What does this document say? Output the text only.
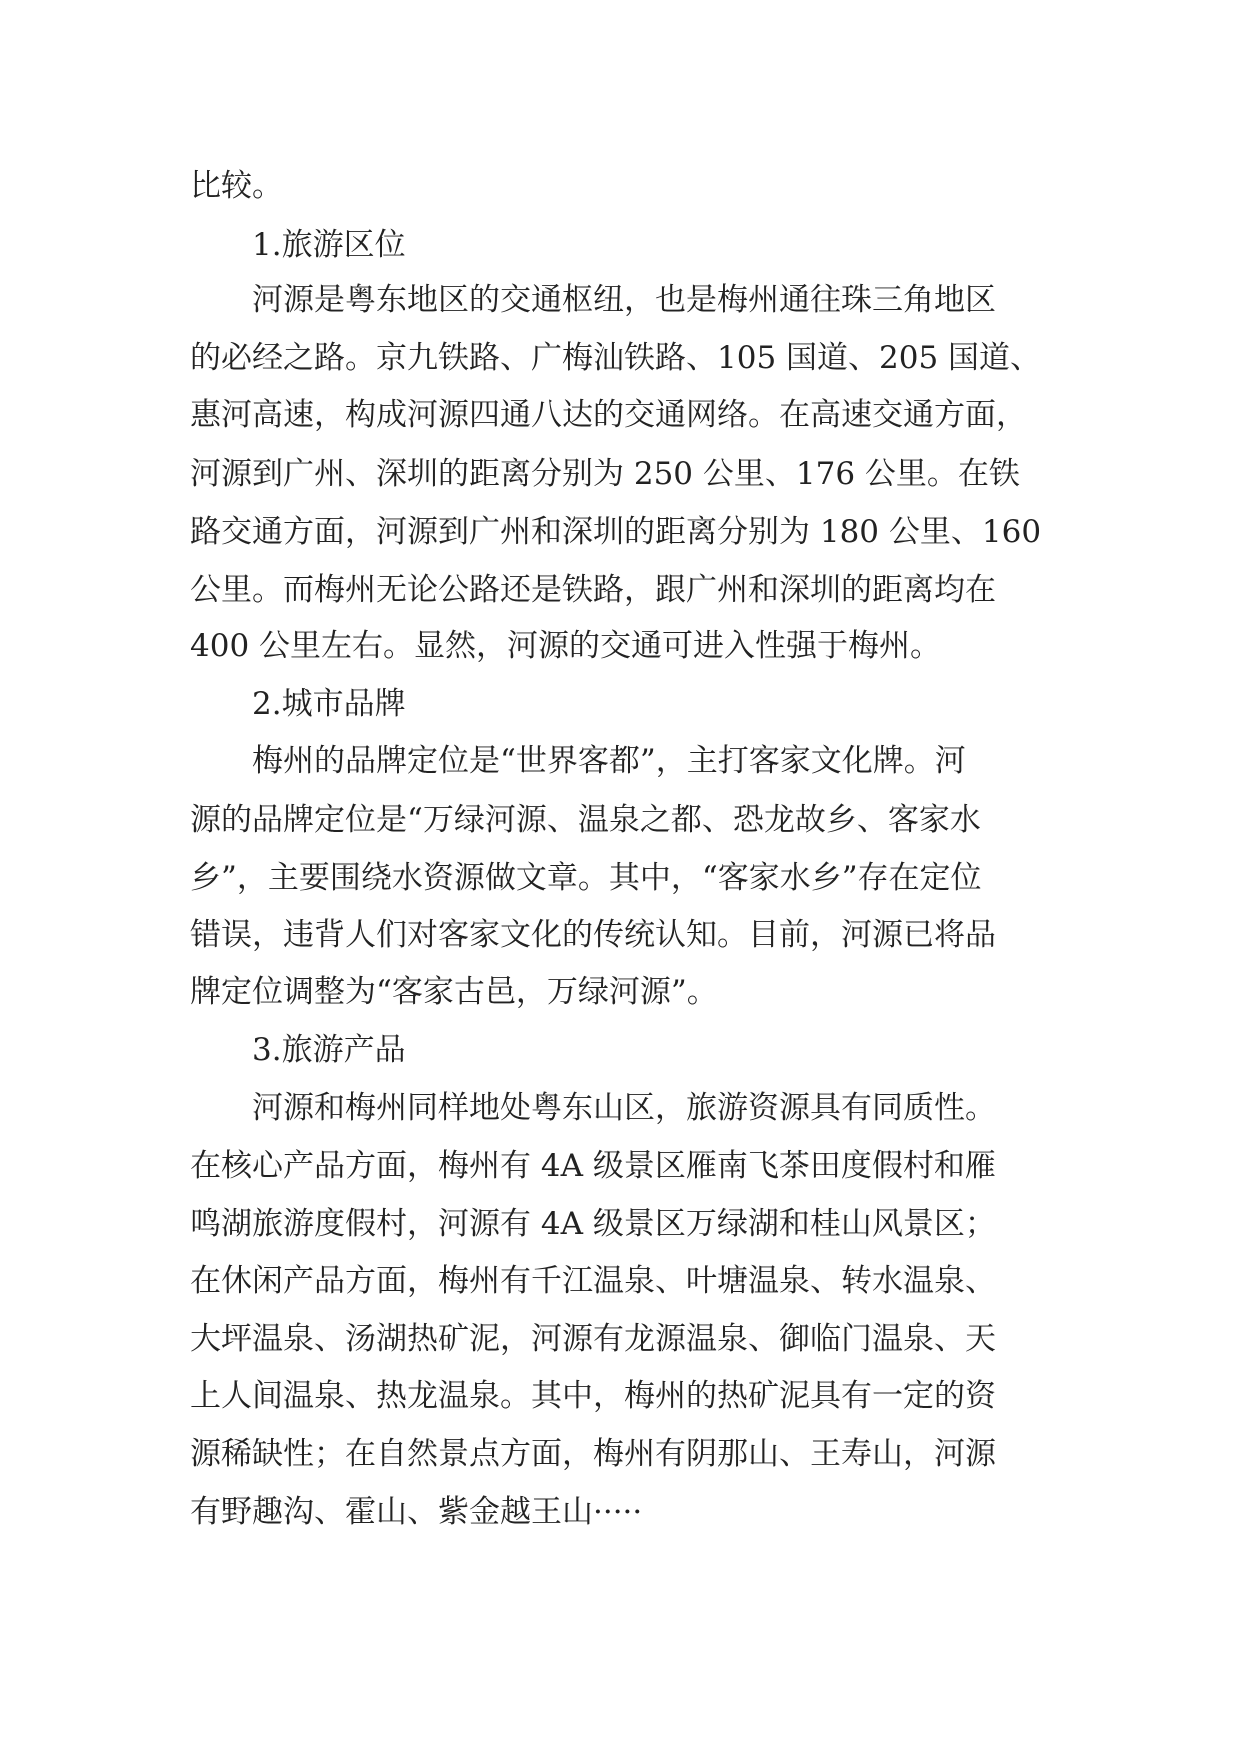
比较。
1.旅游区位
河源是粤东地区的交通枢纽，也是梅州通往珠三角地区
的必经之路。京九铁路、广梅汕铁路、105 国道、205 国道、
惠河高速，构成河源四通八达的交通网络。在高速交通方面，
河源到广州、深圳的距离分别为 250 公里、176 公里。在铁
路交通方面，河源到广州和深圳的距离分别为 180 公里、160
公里。而梅州无论公路还是铁路，跟广州和深圳的距离均在
400 公里左右。显然，河源的交通可进入性强于梅州。
2.城市品牌
梅州的品牌定位是“世界客都”，主打客家文化牌。河
源的品牌定位是“万绿河源、温泉之都、恐龙故乡、客家水
乡”，主要围绕水资源做文章。其中，“客家水乡”存在定位
错误，违背人们对客家文化的传统认知。目前，河源已将品
牌定位调整为“客家古邑，万绿河源”。
3.旅游产品
河源和梅州同样地处粤东山区，旅游资源具有同质性。
在核心产品方面，梅州有 4A 级景区雁南飞茶田度假村和雁
鸣湖旅游度假村，河源有 4A 级景区万绿湖和桂山风景区；
在休闲产品方面，梅州有千江温泉、叶塘温泉、转水温泉、
大坪温泉、汤湖热矿泥，河源有龙源温泉、御临门温泉、天
上人间温泉、热龙温泉。其中，梅州的热矿泥具有一定的资
源稀缺性；在自然景点方面，梅州有阴那山、王寿山，河源
有野趣沟、霍山、紫金越王山·····
